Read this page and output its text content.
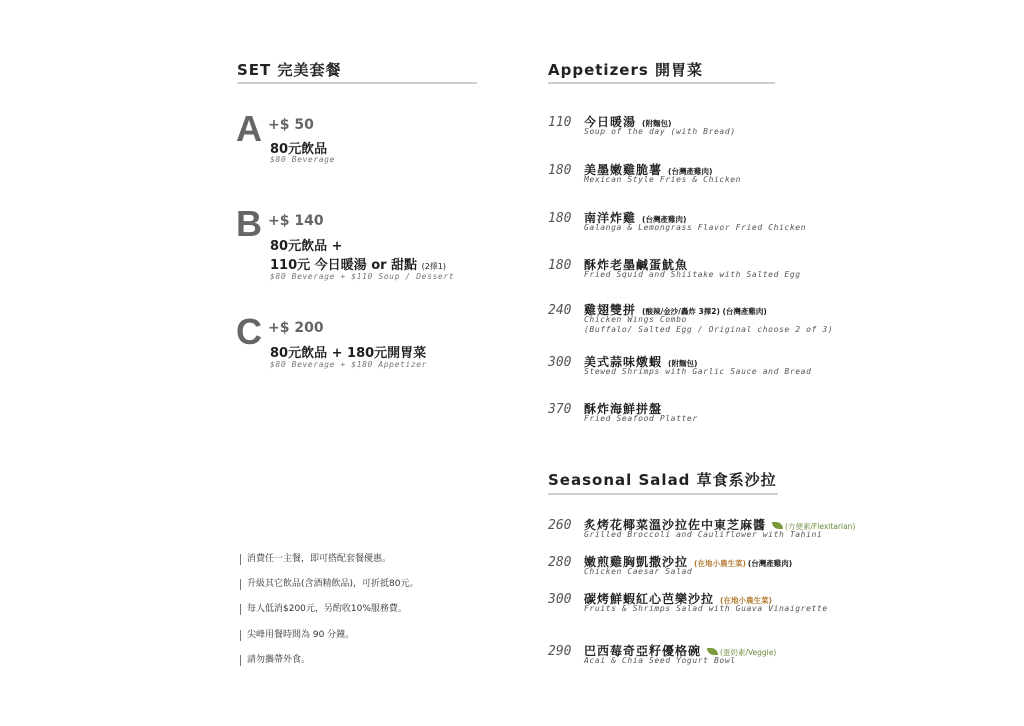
SET 完美套餐
A +$ 50
80元飲品
$80 Beverage
B +$ 140
80元飲品 +
110元 今日暖湯 or 甜點 (2擇1)
$80 Beverage + $110 Soup / Dessert
C +$ 200
80元飲品 + 180元開胃菜
$80 Beverage + $180 Appetizer
Appetizers 開胃菜
110 今日暖湯 (附麵包)
Soup of the day (with Bread)
180 美墨嫩雞脆薯 (台灣產雞肉)
Mexican Style Fries & Chicken
180 南洋炸雞 (台灣產雞肉)
Galanga & Lemongrass Flavor Fried Chicken
180 酥炸老墨鹹蛋魷魚
Fried Squid and Shiitake with Salted Egg
240 雞翅雙拼 (酸辣/金沙/轟炸 3擇2) (台灣產雞肉)
Chicken Wings Combo
(Buffalo/ Salted Egg / Original choose 2 of 3)
300 美式蒜味燉蝦 (附麵包)
Stewed Shrimps with Garlic Sauce and Bread
370 酥炸海鮮拼盤
Fried Seafood Platter
Seasonal Salad 草食系沙拉
260 炙烤花椰菜溫沙拉佐中東芝麻醬	(方便素/Flexitarian)
Grilled Broccoli and Cauliflower with Tahini
280 嫩煎雞胸凱撒沙拉 (在地小農生菜) (台灣產雞肉)
Chicken Caesar Salad
300 碳烤鮮蝦紅心芭樂沙拉 (在地小農生菜)
Fruits & Shrimps Salad with Guava Vinaigrette
290 巴西莓奇亞籽優格碗	(蛋奶素/Veggie)
Acai & Chia Seed Yogurt Bowl
消費任一主餐，即可搭配套餐優惠。
升級其它飲品(含酒精飲品)，可折抵80元。
每人低消$200元，另酌收10%服務費。
尖峰用餐時間為 90 分鐘。
請勿攜帶外食。
